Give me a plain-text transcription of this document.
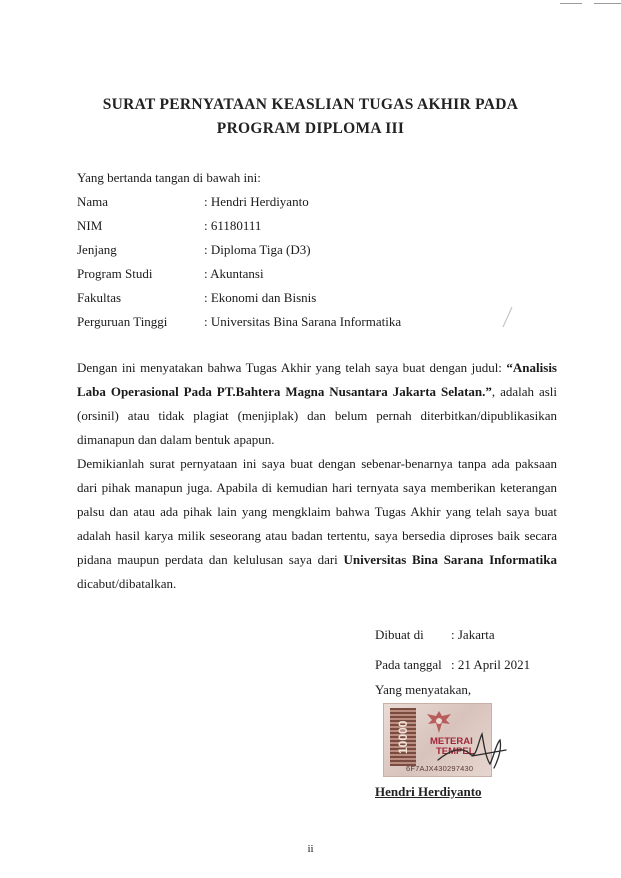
SURAT PERNYATAAN KEASLIAN TUGAS AKHIR PADA
PROGRAM DIPLOMA III
Yang bertanda tangan di bawah ini:
Nama	: Hendri Herdiyanto
NIM	: 61180111
Jenjang	: Diploma Tiga (D3)
Program Studi	: Akuntansi
Fakultas	: Ekonomi dan Bisnis
Perguruan Tinggi	: Universitas Bina Sarana Informatika

Dengan ini menyatakan bahwa Tugas Akhir yang telah saya buat dengan judul: “Analisis Laba Operasional Pada PT.Bahtera Magna Nusantara Jakarta Selatan.”, adalah asli (orsinil) atau tidak plagiat (menjiplak) dan belum pernah diterbitkan/dipublikasikan dimanapun dan dalam bentuk apapun.

Demikianlah surat pernyataan ini saya buat dengan sebenar-benarnya tanpa ada paksaan dari pihak manapun juga. Apabila di kemudian hari ternyata saya memberikan keterangan palsu dan atau ada pihak lain yang mengklaim bahwa Tugas Akhir yang telah saya buat adalah hasil karya milik seseorang atau badan tertentu, saya bersedia diproses baik secara pidana maupun perdata dan kelulusan saya dari Universitas Bina Sarana Informatika dicabut/dibatalkan.

Dibuat di	: Jakarta
Pada tanggal : 21 April 2021
Yang menyatakan,
10000 METERAI
TEMPEL
6F7AJX430297430
Hendri Herdiyanto
ii
